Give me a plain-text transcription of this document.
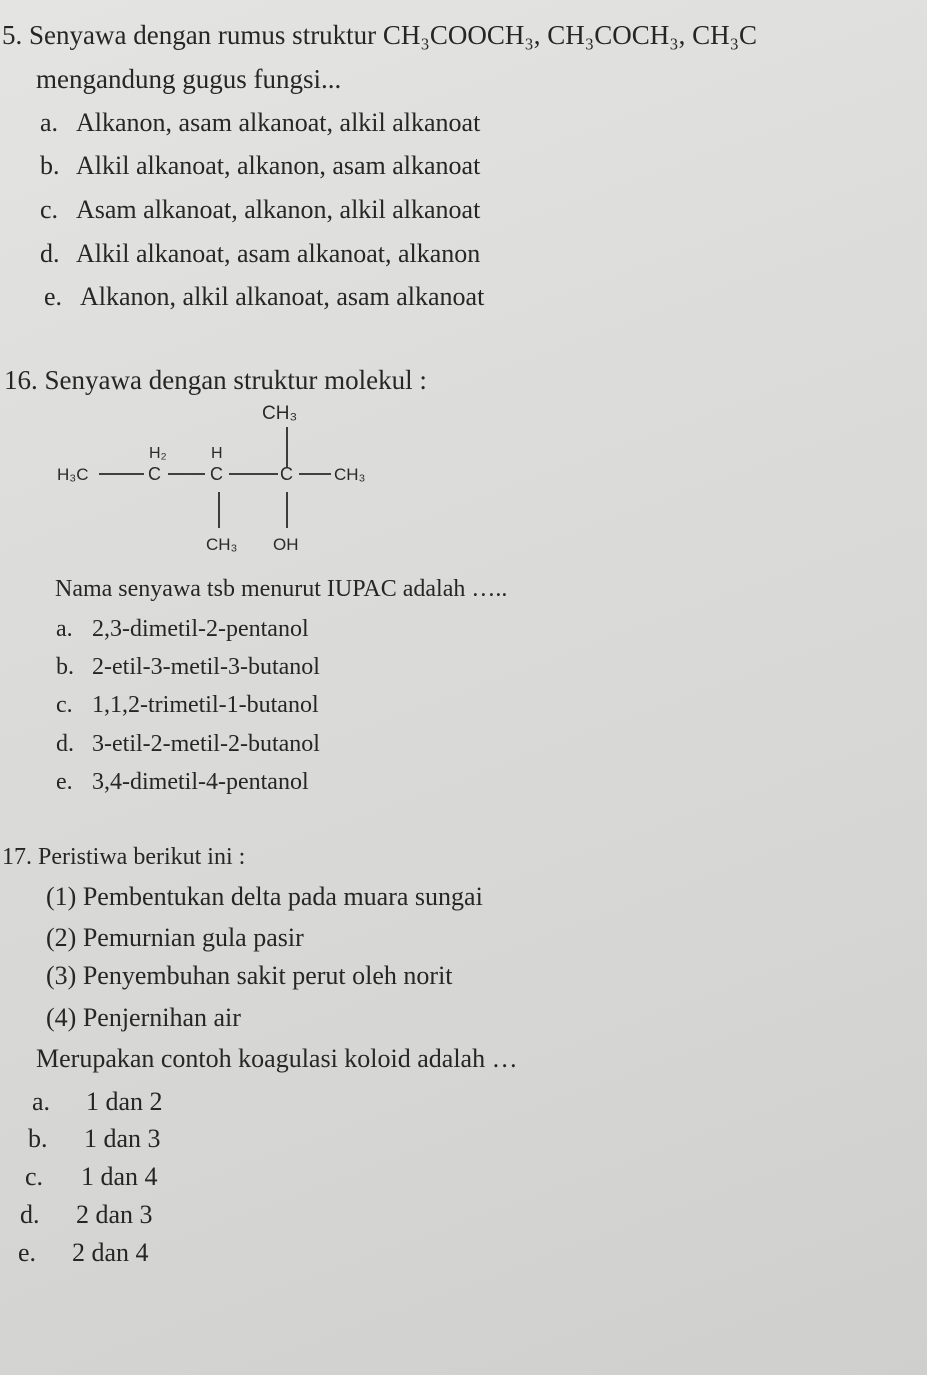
5. Senyawa dengan rumus struktur CH₃COOCH₃, CH₃COCH₃, CH₃C
mengandung gugus fungsi...
a. Alkanon, asam alkanoat, alkil alkanoat
b. Alkil alkanoat, alkanon, asam alkanoat
c. Asam alkanoat, alkanon, alkil alkanoat
d. Alkil alkanoat, asam alkanoat, alkanon
e. Alkanon, alkil alkanoat, asam alkanoat
16. Senyawa dengan struktur molekul :
CH₃
H₃C
H₂
C
H
C	C CH₃
CH₃ OH
Nama senyawa tsb menurut IUPAC adalah …..
a. 2,3-dimetil-2-pentanol
b. 2-etil-3-metil-3-butanol
c. 1,1,2-trimetil-1-butanol
d. 3-etil-2-metil-2-butanol
e. 3,4-dimetil-4-pentanol
17. Peristiwa berikut ini :
(1) Pembentukan delta pada muara sungai
(2) Pemurnian gula pasir
(3) Penyembuhan sakit perut oleh norit
(4) Penjernihan air
Merupakan contoh koagulasi koloid adalah …
a. 1 dan 2
b. 1 dan 3
c. 1 dan 4
d. 2 dan 3
e. 2 dan 4
